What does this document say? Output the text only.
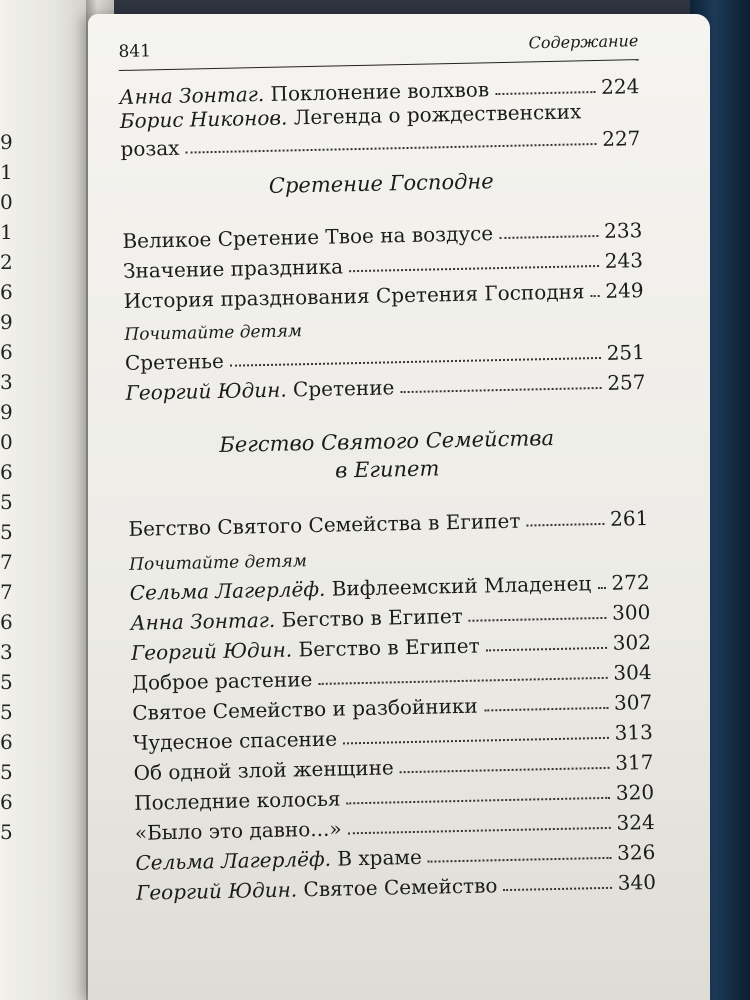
9
1
0
1
2
6
9
6
3
9
0
6
5
5
7
7
6
3
5
5
6
5
6
5
841	Содержание
Анна Зонтаг. Поклонение волхвов	224
Борис Никонов. Легенда о рождественских
розах	227
Сретение Господне
Великое Сретение Твое на воздусе	233
Значение праздника	243
История празднования Сретения Господня 249
Почитайте детям
Сретенье	251
Георгий Юдин. Сретение	257
Бегство Святого Семейства
в Египет
Бегство Святого Семейства в Египет	261
Почитайте детям
Сельма Лагерлёф. Вифлеемский Младенец 272
Анна Зонтаг. Бегство в Египет	300
Георгий Юдин. Бегство в Египет	302
Доброе растение	304
Святое Семейство и разбойники	307
Чудесное спасение	313
Об одной злой женщине	317
Последние колосья	320
«Было это давно...»	324
Сельма Лагерлёф. В храме	326
Георгий Юдин. Святое Семейство	340
